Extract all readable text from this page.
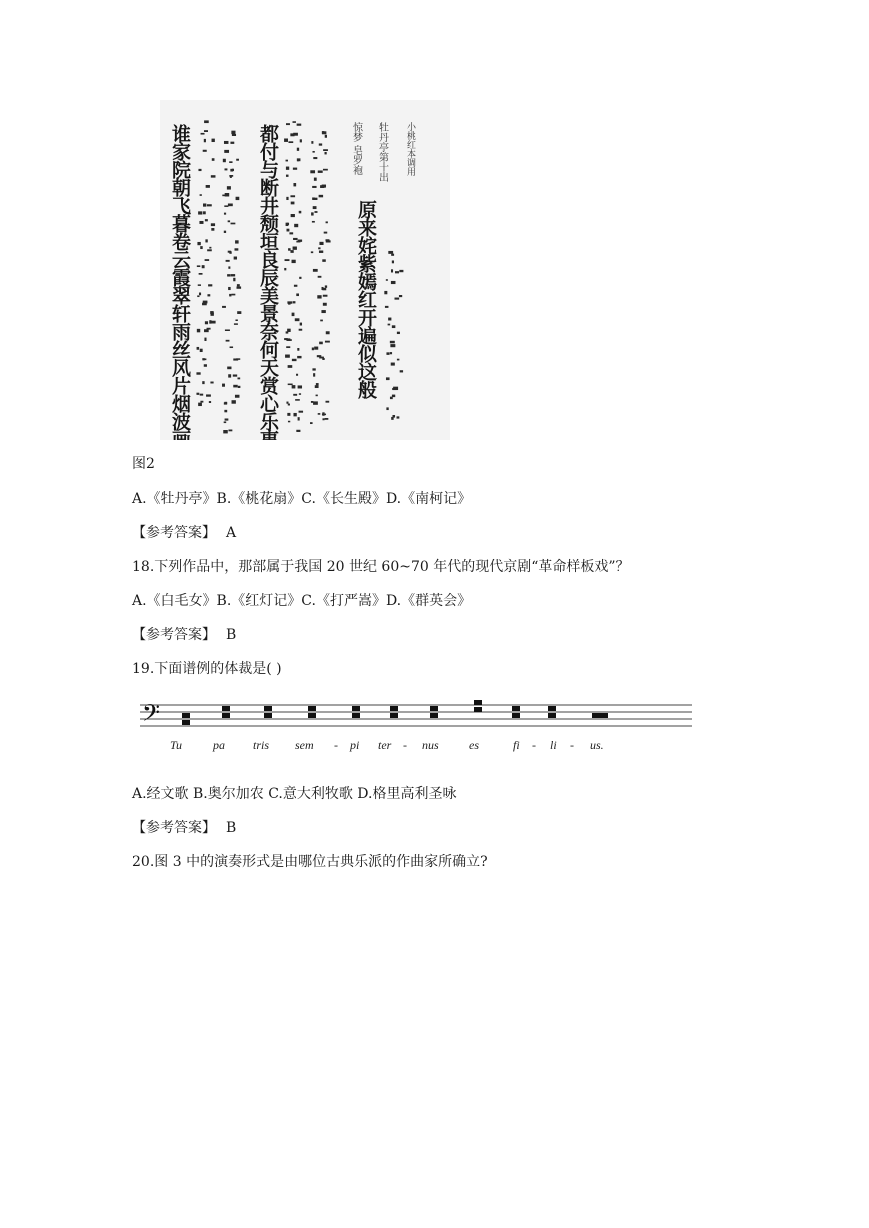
原来姹紫嫣红开遍似这般
都付与断井颓垣良辰美景奈何天赏心乐事
谁家院朝飞暮卷云霞翠轩雨丝风片烟波画	小桃红本调用
牡丹亭第十出
惊梦 皂罗袍
图2
A.《牡丹亭》B.《桃花扇》C.《长生殿》D.《南柯记》
【参考答案】 A
18.下列作品中，那部属于我国 20 世纪 60~70 年代的现代京剧“革命样板戏”？
A.《白毛女》B.《红灯记》C.《打严嵩》D.《群英会》
【参考答案】 B
19.下面谱例的体裁是( )
𝄢
Tu	pa tris sem	pi ter	nus	es	fi	li	us.
-	-	-	-
A.经文歌 B.奥尔加农 C.意大利牧歌 D.格里高利圣咏
【参考答案】 B
20.图 3 中的演奏形式是由哪位古典乐派的作曲家所确立?
